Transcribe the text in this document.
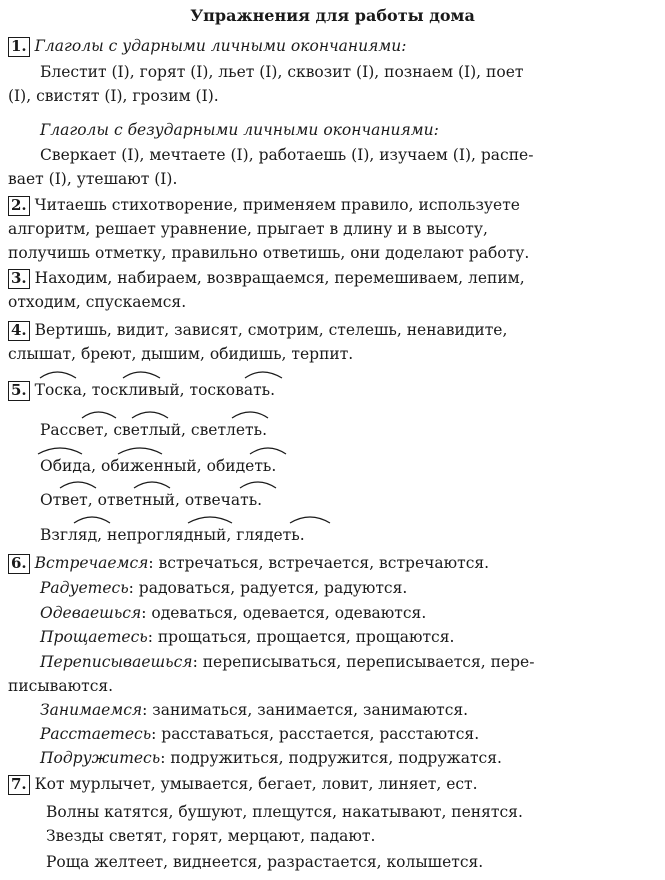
Упражнения для работы дома
1. Глаголы с ударными личными окончаниями:
Блестит (I), горят (I), льет (I), сквозит (I), познаем (I), поет
(I), свистят (I), грозим (I).
Глаголы с безударными личными окончаниями:
Сверкает (I), мечтаете (I), работаешь (I), изучаем (I), распе-
вает (I), утешают (I).
2. Читаешь стихотворение, применяем правило, используете
алгоритм, решает уравнение, прыгает в длину и в высоту,
получишь отметку, правильно ответишь, они доделают работу.
3. Находим, набираем, возвращаемся, перемешиваем, лепим,
отходим, спускаемся.
4. Вертишь, видит, зависят, смотрим, стелешь, ненавидите,
слышат, бреют, дышим, обидишь, терпит.
5. Тоска, тоскливый, тосковать.
Рассвет, светлый, светлеть.
Обида, обиженный, обидеть.
Ответ, ответный, отвечать.
Взгляд, непроглядный, глядеть.
6. Встречаемся: встречаться, встречается, встречаются.
Радуетесь: радоваться, радуется, радуются.
Одеваешься: одеваться, одевается, одеваются.
Прощаетесь: прощаться, прощается, прощаются.
Переписываешься: переписываться, переписывается, пере-
писываются.
Занимаемся: заниматься, занимается, занимаются.
Расстаетесь: расставаться, расстается, расстаются.
Подружитесь: подружиться, подружится, подружатся.
7. Кот мурлычет, умывается, бегает, ловит, линяет, ест.
Волны катятся, бушуют, плещутся, накатывают, пенятся.
Звезды светят, горят, мерцают, падают.
Роща желтеет, виднеется, разрастается, колышется.
